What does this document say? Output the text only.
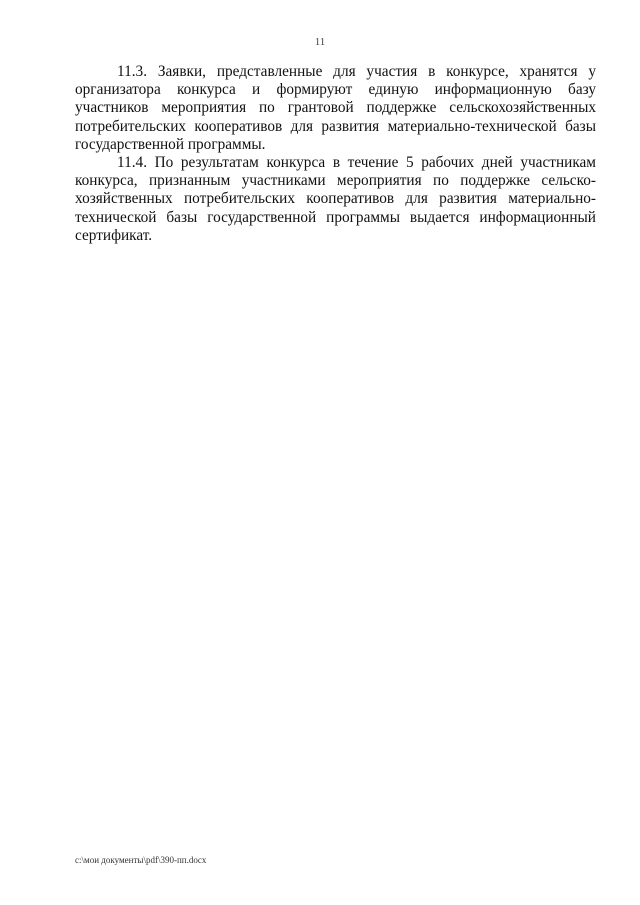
11

11.3. Заявки, представленные для участия в конкурсе, хранятся у организатора конкурса и формируют единую информационную базу участников мероприятия по грантовой поддержке сельскохозяйственных потребительских кооперативов для развития материально-технической базы государственной программы.

11.4. По результатам конкурса в течение 5 рабочих дней участникам конкурса, признанным участниками мероприятия по поддержке сельско-хозяйственных потребительских кооперативов для развития материально-технической базы государственной программы выдается информационный сертификат.

c:\мои документы\pdf\390-пп.docx
